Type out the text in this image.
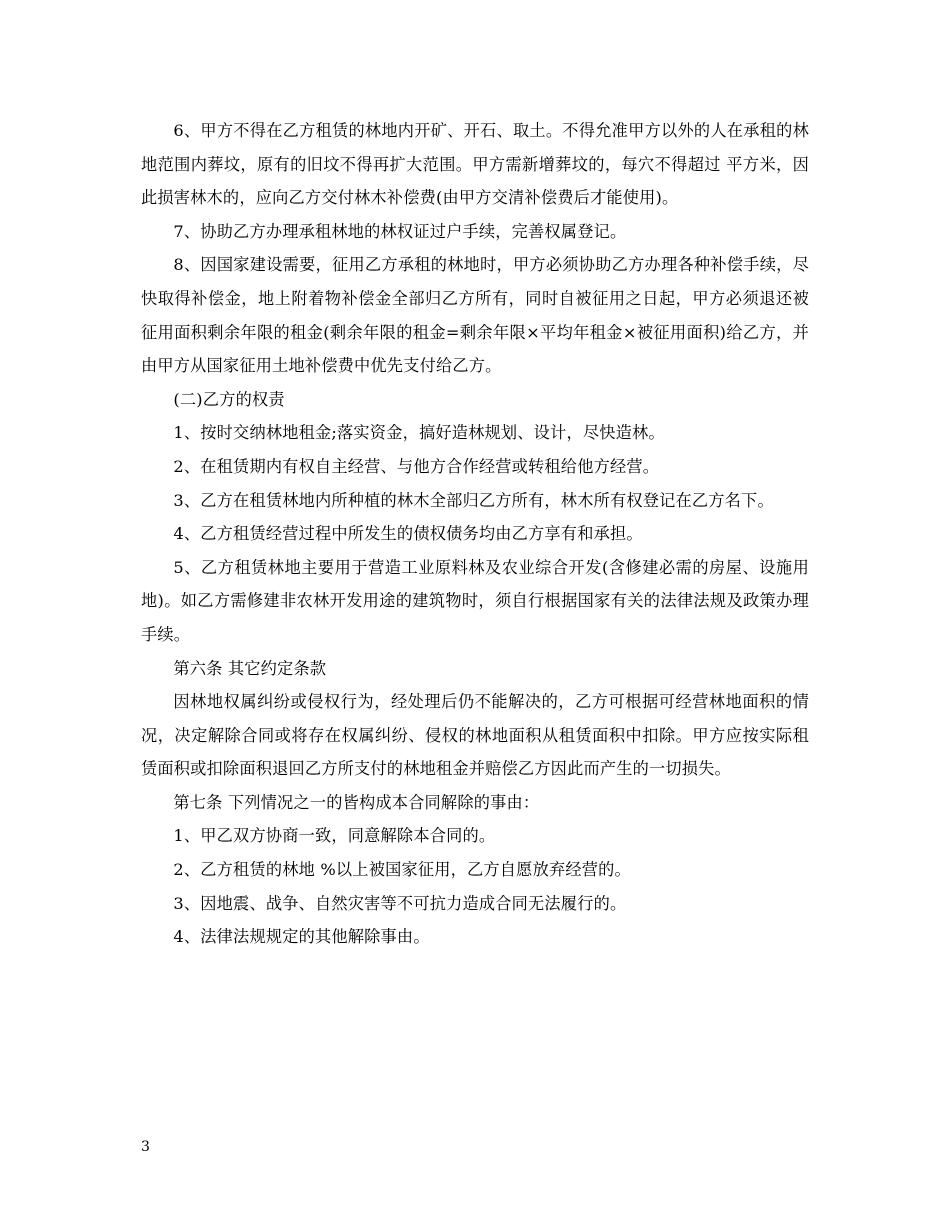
6、甲方不得在乙方租赁的林地内开矿、开石、取土。不得允准甲方以外的人在承租的林地范围内葬坟，原有的旧坟不得再扩大范围。甲方需新增葬坟的，每穴不得超过 平方米，因此损害林木的，应向乙方交付林木补偿费(由甲方交清补偿费后才能使用)。

7、协助乙方办理承租林地的林权证过户手续，完善权属登记。

8、因国家建设需要，征用乙方承租的林地时，甲方必须协助乙方办理各种补偿手续，尽快取得补偿金，地上附着物补偿金全部归乙方所有，同时自被征用之日起，甲方必须退还被征用面积剩余年限的租金(剩余年限的租金=剩余年限×平均年租金×被征用面积)给乙方，并由甲方从国家征用土地补偿费中优先支付给乙方。

(二)乙方的权责

1、按时交纳林地租金;落实资金，搞好造林规划、设计，尽快造林。

2、在租赁期内有权自主经营、与他方合作经营或转租给他方经营。

3、乙方在租赁林地内所种植的林木全部归乙方所有，林木所有权登记在乙方名下。

4、乙方租赁经营过程中所发生的债权债务均由乙方享有和承担。

5、乙方租赁林地主要用于营造工业原料林及农业综合开发(含修建必需的房屋、设施用地)。如乙方需修建非农林开发用途的建筑物时，须自行根据国家有关的法律法规及政策办理手续。

第六条 其它约定条款

因林地权属纠纷或侵权行为，经处理后仍不能解决的，乙方可根据可经营林地面积的情况，决定解除合同或将存在权属纠纷、侵权的林地面积从租赁面积中扣除。甲方应按实际租赁面积或扣除面积退回乙方所支付的林地租金并赔偿乙方因此而产生的一切损失。

第七条 下列情况之一的皆构成本合同解除的事由：

1、甲乙双方协商一致，同意解除本合同的。

2、乙方租赁的林地 %以上被国家征用，乙方自愿放弃经营的。

3、因地震、战争、自然灾害等不可抗力造成合同无法履行的。

4、法律法规规定的其他解除事由。

3
